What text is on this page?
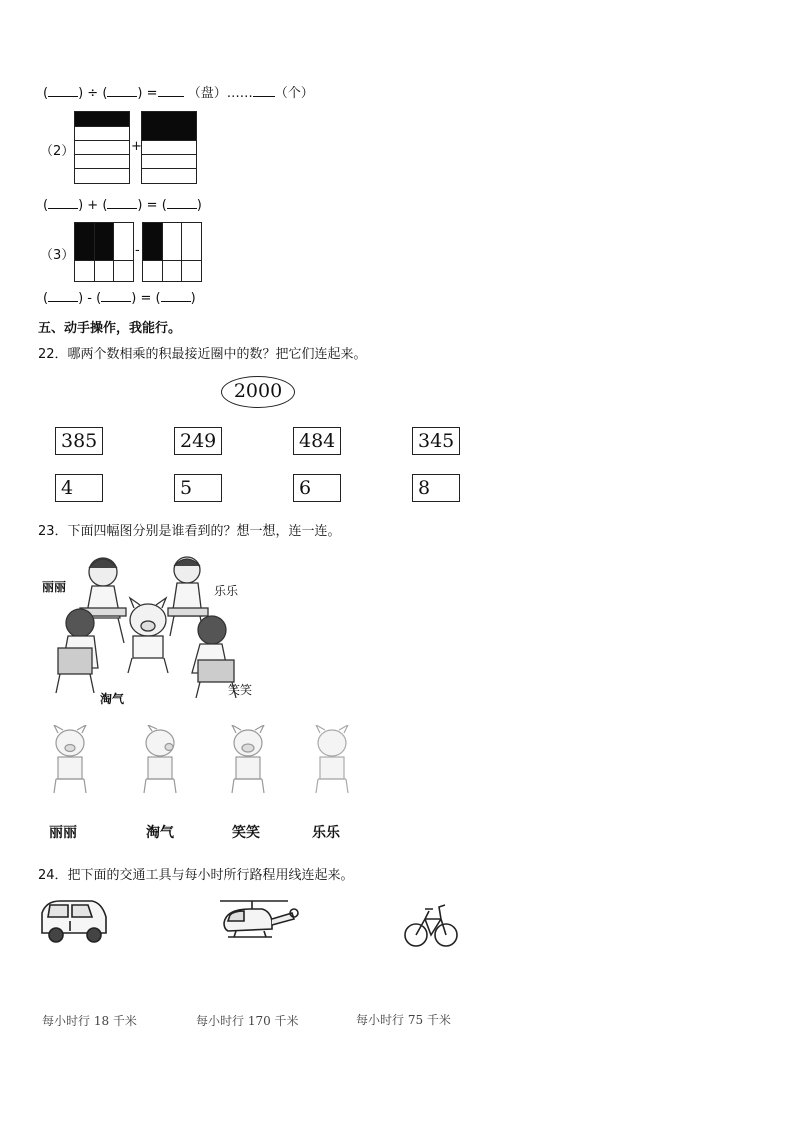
( ) ÷ ( ) = （盘）…… （个）
（2）	+
( ) + ( ) = ( )
（3）	-
( ) - ( ) = ( )
五、动手操作，我能行。
22．哪两个数相乘的积最接近圈中的数？把它们连起来。
2000
385	249	484	345
4	5	6	8
23．下面四幅图分别是谁看到的？想一想，连一连。
丽丽	乐乐
淘气
笑笑
丽丽	淘气	笑笑	乐乐
24．把下面的交通工具与每小时所行路程用线连起来。
每小时行 18 千米	每小时行 170 千米	每小时行 75 千米
